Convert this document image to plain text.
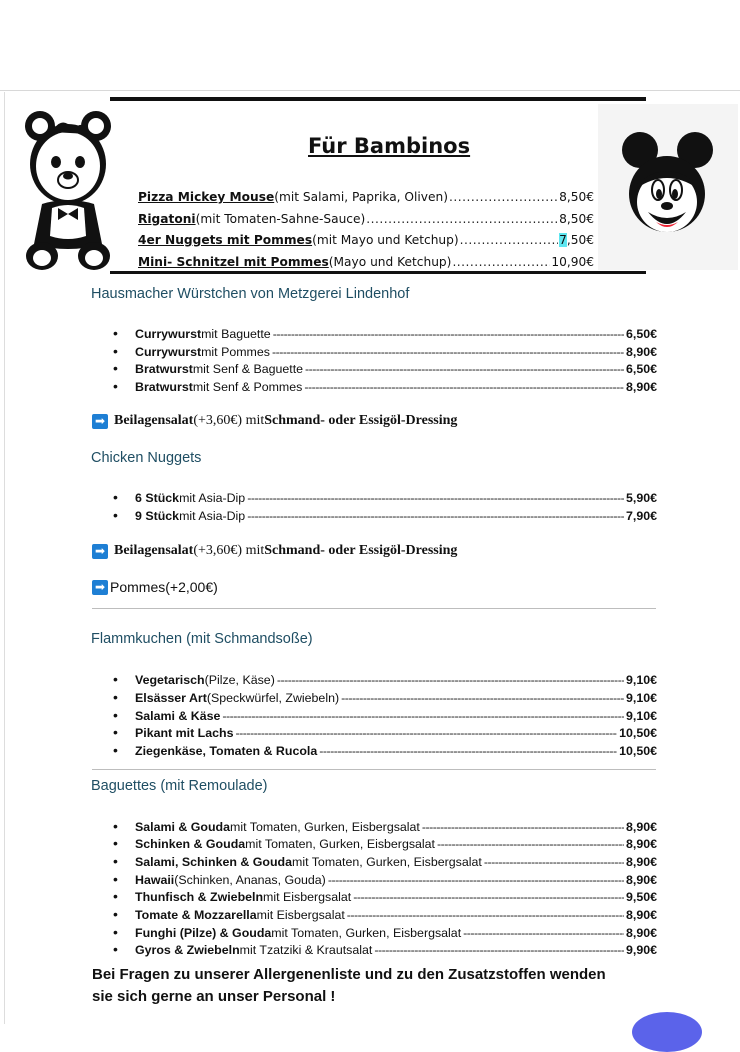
Für Bambinos
Pizza Mickey Mouse (mit Salami, Paprika, Oliven) .....	8,50€
Rigatoni (mit Tomaten-Sahne-Sauce) .....	8,50€
4er Nuggets mit Pommes (mit Mayo und Ketchup) .....	7 ,50€
Mini- Schnitzel mit Pommes (Mayo und Ketchup) .....	10,90€
Hausmacher Würstchen von Metzgerei Lindenhof
•	Currywurst mit Baguette -----	6,50€
•	Currywurst mit Pommes -----	8,90€
•	Bratwurst mit Senf & Baguette -----	6,50€
•	Bratwurst mit Senf & Pommes -----	8,90€
➡ Beilagensalat (+3,60€) mit Schmand- oder Essigöl-Dressing
Chicken Nuggets
•	6 Stück mit Asia-Dip -----	5,90€
•	9 Stück mit Asia-Dip -----	7,90€
➡ Beilagensalat (+3,60€) mit Schmand- oder Essigöl-Dressing
➡ Pommes (+2,00€)
Flammkuchen (mit Schmandsoße)
•	Vegetarisch (Pilze, Käse) -----	9,10€
•	Elsässer Art (Speckwürfel, Zwiebeln) -----	9,10€
•	Salami & Käse -----	9,10€
•	Pikant mit Lachs -----	10,50€
•	Ziegenkäse, Tomaten & Rucola -----	10,50€
Baguettes (mit Remoulade)
•	Salami & Gouda mit Tomaten, Gurken, Eisbergsalat -----	8,90€
•	Schinken & Gouda mit Tomaten, Gurken, Eisbergsalat -----	8,90€
•	Salami, Schinken & Gouda mit Tomaten, Gurken, Eisbergsalat -----	8,90€
•	Hawaii (Schinken, Ananas, Gouda) -----	8,90€
•	Thunfisch & Zwiebeln mit Eisbergsalat -----	9,50€
•	Tomate & Mozzarella mit Eisbergsalat -----	8,90€
•	Funghi (Pilze) & Gouda mit Tomaten, Gurken, Eisbergsalat -----	8,90€
•	Gyros & Zwiebeln mit Tzatziki & Krautsalat -----	9,90€
Bei Fragen zu unserer Allergenenliste und zu den Zusatzstoffen wenden
sie sich gerne an unser Personal !
